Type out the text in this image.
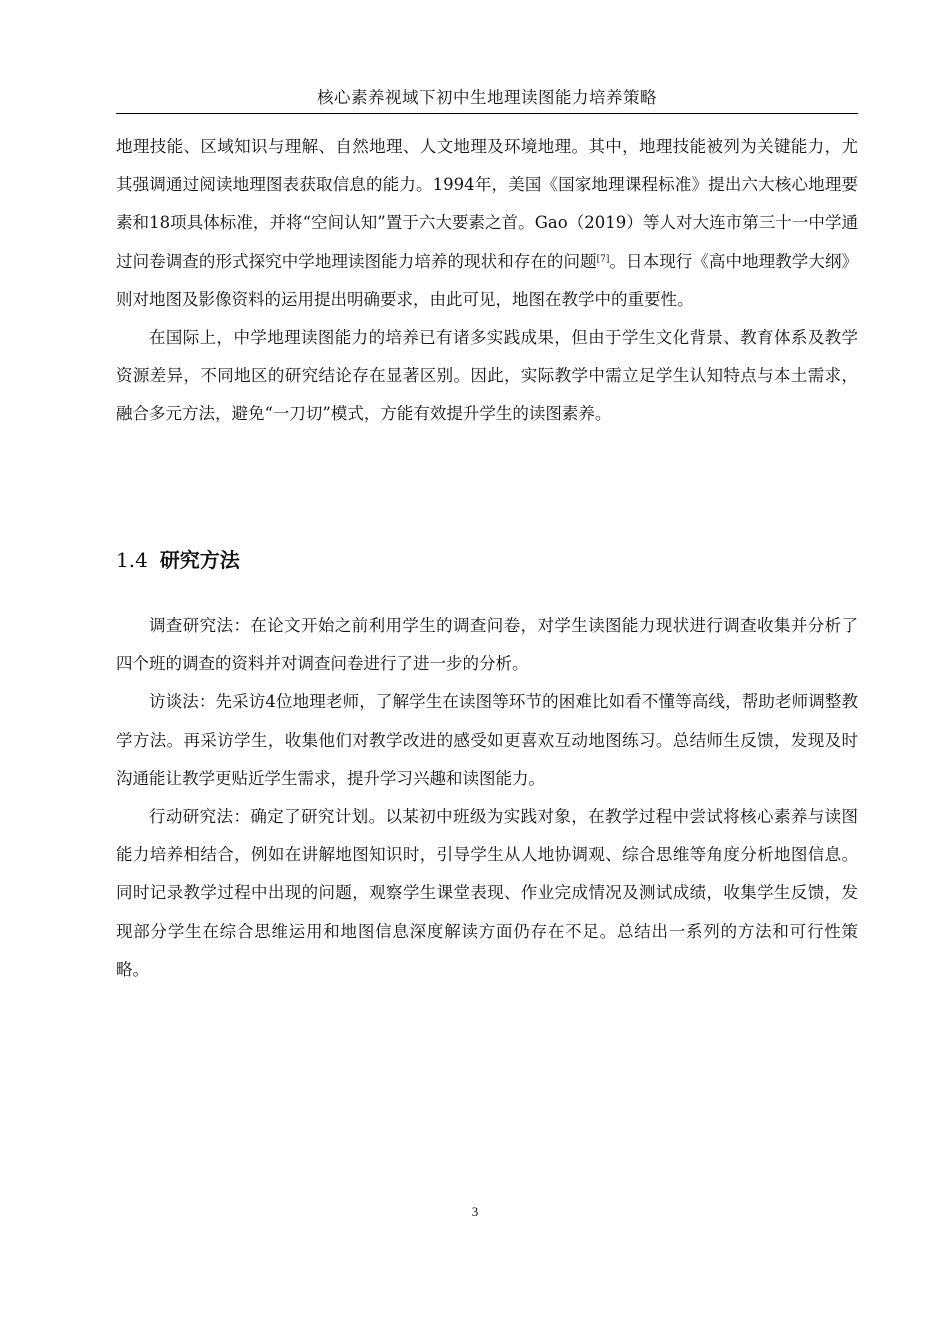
核心素养视域下初中生地理读图能力培养策略

地理技能、区域知识与理解、自然地理、人文地理及环境地理。其中，地理技能被列为关键能力，尤其强调通过阅读地理图表获取信息的能力。1994年，美国《国家地理课程标准》提出六大核心地理要素和18项具体标准，并将“空间认知”置于六大要素之首。Gao（2019）等人对大连市第三十一中学通过问卷调查的形式探究中学地理读图能力培养的现状和存在的问题[7]。日本现行《高中地理教学大纲》则对地图及影像资料的运用提出明确要求，由此可见，地图在教学中的重要性。

在国际上，中学地理读图能力的培养已有诸多实践成果，但由于学生文化背景、教育体系及教学资源差异，不同地区的研究结论存在显著区别。因此，实际教学中需立足学生认知特点与本土需求，融合多元方法，避免“一刀切”模式，方能有效提升学生的读图素养。

1.4 研究方法

调查研究法：在论文开始之前利用学生的调查问卷，对学生读图能力现状进行调查收集并分析了四个班的调查的资料并对调查问卷进行了进一步的分析。

访谈法：先采访4位地理老师，了解学生在读图等环节的困难比如看不懂等高线，帮助老师调整教学方法。再采访学生，收集他们对教学改进的感受如更喜欢互动地图练习。总结师生反馈，发现及时沟通能让教学更贴近学生需求，提升学习兴趣和读图能力。

行动研究法：确定了研究计划。以某初中班级为实践对象，在教学过程中尝试将核心素养与读图能力培养相结合，例如在讲解地图知识时，引导学生从人地协调观、综合思维等角度分析地图信息。同时记录教学过程中出现的问题，观察学生课堂表现、作业完成情况及测试成绩，收集学生反馈，发现部分学生在综合思维运用和地图信息深度解读方面仍存在不足。总结出一系列的方法和可行性策略。

3
